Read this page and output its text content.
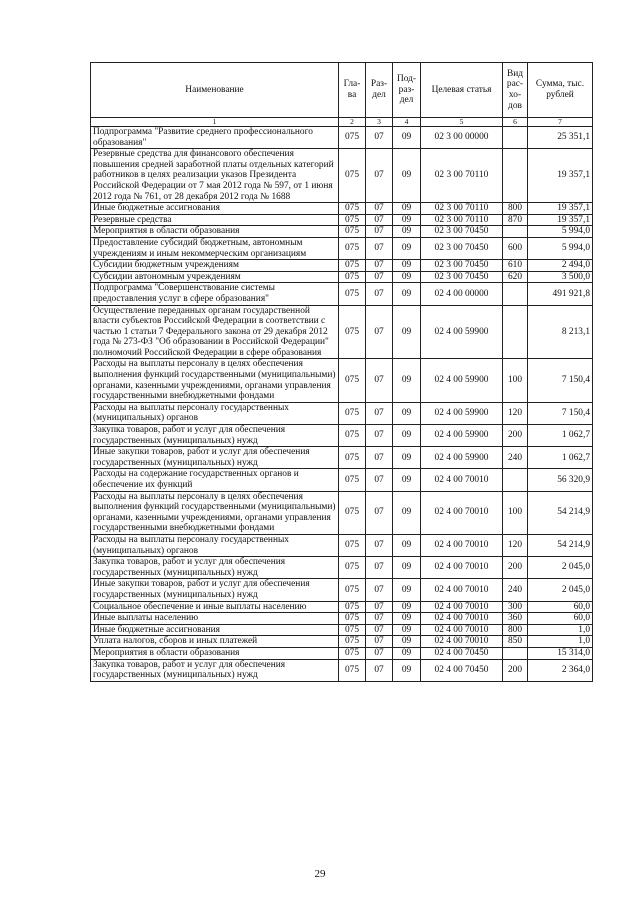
Наименование	Гла-ва	Раз-дел	Под-раз-дел	Целевая статья	Вид рас-хо-дов	Сумма, тыс. рублей
1	2	3	4	5	6	7
Подпрограмма "Развитие среднего профессионального образования"	075	07	09	02 3 00 00000		25 351,1
Резервные средства для финансового обеспечения повышения средней заработной платы отдельных категорий работников в целях реализации указов Президента Российской Федерации от 7 мая 2012 года № 597, от 1 июня 2012 года № 761, от 28 декабря 2012 года № 1688	075	07	09	02 3 00 70110		19 357,1
Иные бюджетные ассигнования	075	07	09	02 3 00 70110	800	19 357,1
Резервные средства	075	07	09	02 3 00 70110	870	19 357,1
Мероприятия в области образования	075	07	09	02 3 00 70450		5 994,0
Предоставление субсидий бюджетным, автономным учреждениям и иным некоммерческим организациям	075	07	09	02 3 00 70450	600	5 994,0
Субсидии бюджетным учреждениям	075	07	09	02 3 00 70450	610	2 494,0
Субсидии автономным учреждениям	075	07	09	02 3 00 70450	620	3 500,0
Подпрограмма "Совершенствование системы предоставления услуг в сфере образования"	075	07	09	02 4 00 00000		491 921,8
Осуществление переданных органам государственной власти субъектов Российской Федерации в соответствии с частью 1 статьи 7 Федерального закона от 29 декабря 2012 года № 273-ФЗ "Об образовании в Российской Федерации" полномочий Российской Федерации в сфере образования	075	07	09	02 4 00 59900		8 213,1
Расходы на выплаты персоналу в целях обеспечения выполнения функций государственными (муниципальными) органами, казенными учреждениями, органами управления государственными внебюджетными фондами	075	07	09	02 4 00 59900	100	7 150,4
Расходы на выплаты персоналу государственных (муниципальных) органов	075	07	09	02 4 00 59900	120	7 150,4
Закупка товаров, работ и услуг для обеспечения государственных (муниципальных) нужд	075	07	09	02 4 00 59900	200	1 062,7
Иные закупки товаров, работ и услуг для обеспечения государственных (муниципальных) нужд	075	07	09	02 4 00 59900	240	1 062,7
Расходы на содержание государственных органов и обеспечение их функций	075	07	09	02 4 00 70010		56 320,9
Расходы на выплаты персоналу в целях обеспечения выполнения функций государственными (муниципальными) органами, казенными учреждениями, органами управления государственными внебюджетными фондами	075	07	09	02 4 00 70010	100	54 214,9
Расходы на выплаты персоналу государственных (муниципальных) органов	075	07	09	02 4 00 70010	120	54 214,9
Закупка товаров, работ и услуг для обеспечения государственных (муниципальных) нужд	075	07	09	02 4 00 70010	200	2 045,0
Иные закупки товаров, работ и услуг для обеспечения государственных (муниципальных) нужд	075	07	09	02 4 00 70010	240	2 045,0
Социальное обеспечение и иные выплаты населению	075	07	09	02 4 00 70010	300	60,0
Иные выплаты населению	075	07	09	02 4 00 70010	360	60,0
Иные бюджетные ассигнования	075	07	09	02 4 00 70010	800	1,0
Уплата налогов, сборов и иных платежей	075	07	09	02 4 00 70010	850	1,0
Мероприятия в области образования	075	07	09	02 4 00 70450		15 314,0
Закупка товаров, работ и услуг для обеспечения государственных (муниципальных) нужд	075	07	09	02 4 00 70450	200	2 364,0
29
